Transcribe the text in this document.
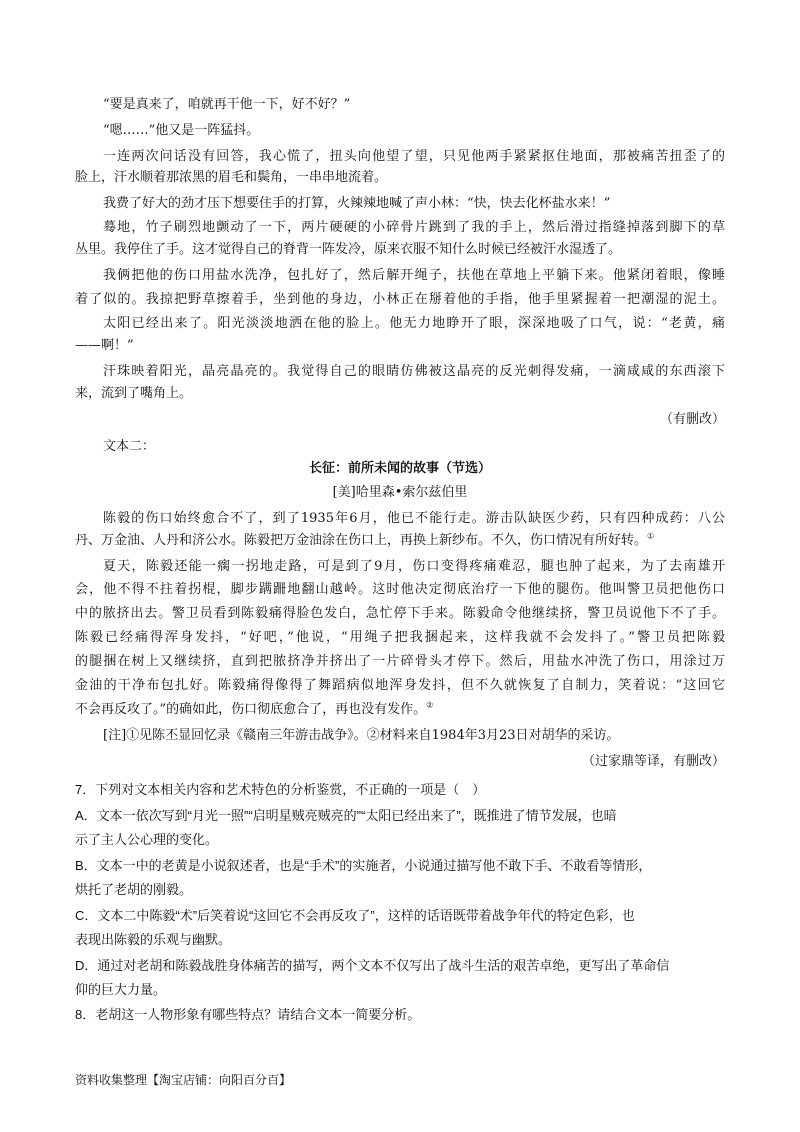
“要是真来了，咱就再干他一下，好不好？”
“嗯……”他又是一阵猛抖。
一连两次问话没有回答，我心慌了，扭头向他望了望，只见他两手紧紧抠住地面，那被痛苦扭歪了的
脸上，汗水顺着那浓黑的眉毛和鬓角，一串串地流着。
我费了好大的劲才压下想要住手的打算，火辣辣地喊了声小林：“快，快去化杯盐水来！”
蓦地，竹子刷烈地颤动了一下，两片硬硬的小碎骨片跳到了我的手上，然后滑过指缝掉落到脚下的草
丛里。我停住了手。这才觉得自己的脊背一阵发冷，原来衣服不知什么时候已经被汗水湿透了。
我俩把他的伤口用盐水洗净，包扎好了，然后解开绳子，扶他在草地上平躺下来。他紧闭着眼，像睡
着了似的。我掠把野草擦着手，坐到他的身边，小林正在掰着他的手指，他手里紧握着一把潮湿的泥土。
太阳已经出来了。阳光淡淡地洒在他的脸上。他无力地睁开了眼，深深地吸了口气，说：“老黄，痛
——啊！”
汗珠映着阳光，晶亮晶亮的。我觉得自己的眼睛仿佛被这晶亮的反光刺得发痛，一滴咸咸的东西滚下
来，流到了嘴角上。
（有删改）
文本二：
长征：前所未闻的故事（节选）
[美]哈里森•索尔兹伯里
陈毅的伤口始终愈合不了，到了1935年6月，他已不能行走。游击队缺医少药，只有四种成药：八公
丹、万金油、人丹和济公水。陈毅把万金油涂在伤口上，再换上新纱布。不久，伤口情况有所好转。①
夏天，陈毅还能一瘸一拐地走路，可是到了9月，伤口变得疼痛难忍，腿也肿了起来，为了去南雄开
会，他不得不拄着拐棍，脚步蹒跚地翻山越岭。这时他决定彻底治疗一下他的腿伤。他叫警卫员把他伤口
中的脓挤出去。警卫员看到陈毅痛得脸色发白，急忙停下手来。陈毅命令他继续挤，警卫员说他下不了手。
陈毅已经痛得浑身发抖，“好吧，”他说，“用绳子把我捆起来，这样我就不会发抖了。”警卫员把陈毅
的腿捆在树上又继续挤，直到把脓挤净并挤出了一片碎骨头才停下。然后，用盐水冲洗了伤口，用涂过万
金油的干净布包扎好。陈毅痛得像得了舞蹈病似地浑身发抖，但不久就恢复了自制力，笑着说：“这回它
不会再反攻了。”的确如此，伤口彻底愈合了，再也没有发作。②
[注]①见陈丕显回忆录《赣南三年游击战争》。②材料来自1984年3月23日对胡华的采访。
（过家鼎等译，有删改）
7．下列对文本相关内容和艺术特色的分析鉴赏，不正确的一项是（　）
A．文本一依次写到“月光一照”“启明星贼亮贼亮的”“太阳已经出来了”，既推进了情节发展，也暗
示了主人公心理的变化。
B．文本一中的老黄是小说叙述者，也是“手术”的实施者，小说通过描写他不敢下手、不敢看等情形，
烘托了老胡的刚毅。
C．文本二中陈毅“术”后笑着说“这回它不会再反攻了”，这样的话语既带着战争年代的特定色彩，也
表现出陈毅的乐观与幽默。
D．通过对老胡和陈毅战胜身体痛苦的描写，两个文本不仅写出了战斗生活的艰苦卓绝，更写出了革命信
仰的巨大力量。
8．老胡这一人物形象有哪些特点？请结合文本一简要分析。
资料收集整理【淘宝店铺：向阳百分百】
